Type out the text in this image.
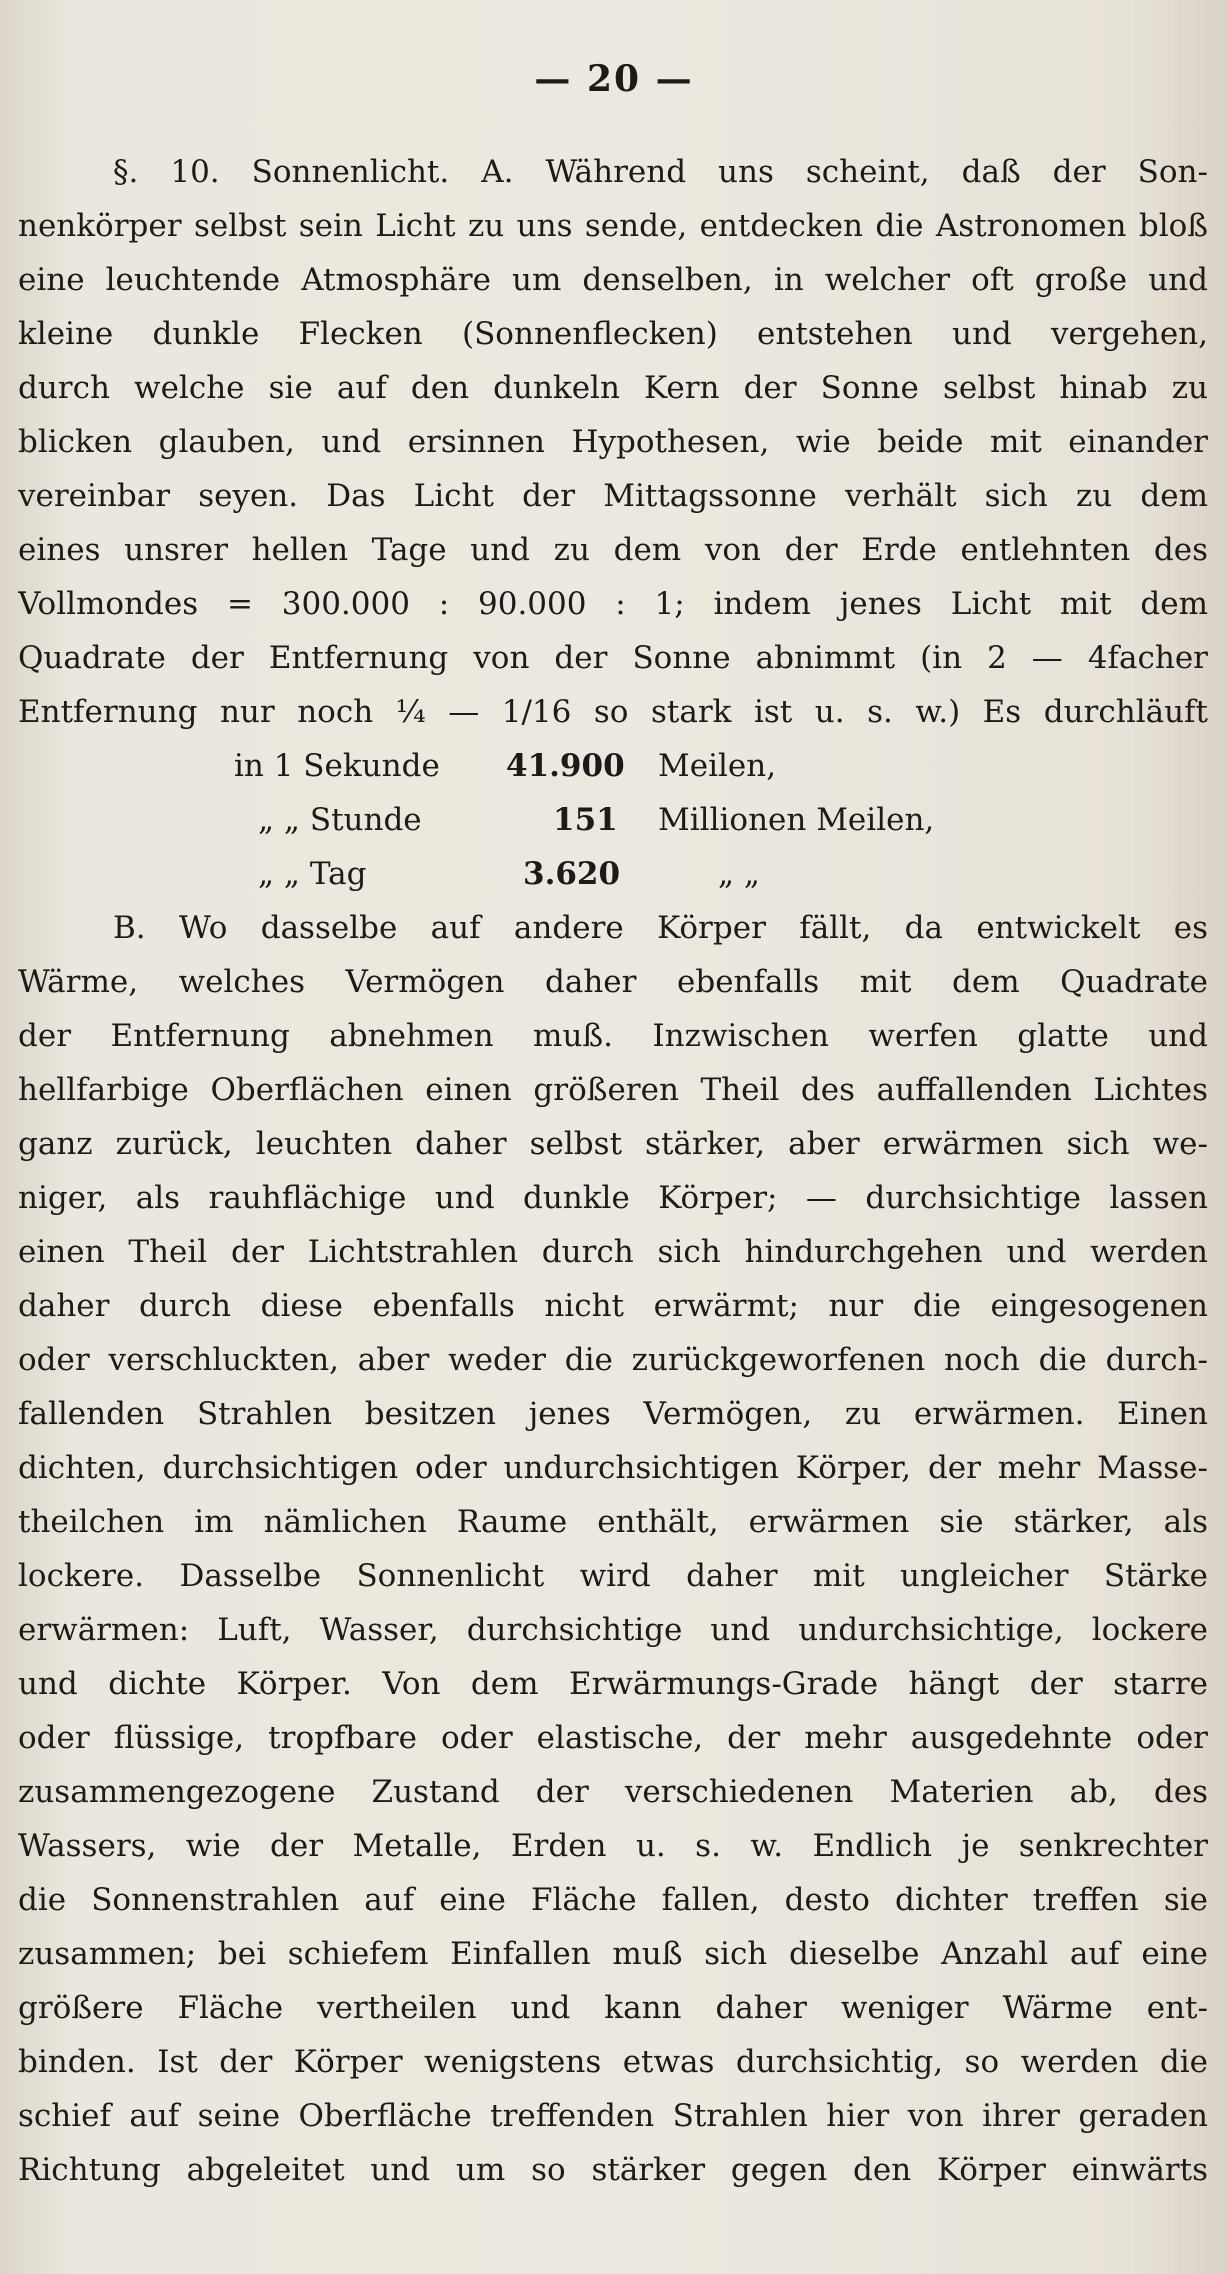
— 20 —
§. 10. Sonnenlicht. A. Während uns scheint, daß der Son-
nenkörper selbst sein Licht zu uns sende, entdecken die Astronomen bloß
eine leuchtende Atmosphäre um denselben, in welcher oft große und
kleine dunkle Flecken (Sonnenflecken) entstehen und vergehen,
durch welche sie auf den dunkeln Kern der Sonne selbst hinab zu
blicken glauben, und ersinnen Hypothesen, wie beide mit einander
vereinbar seyen. Das Licht der Mittagssonne verhält sich zu dem
eines unsrer hellen Tage und zu dem von der Erde entlehnten des
Vollmondes = 300.000 : 90.000 : 1; indem jenes Licht mit dem
Quadrate der Entfernung von der Sonne abnimmt (in 2 — 4facher
Entfernung nur noch ¼ — 1/16 so stark ist u. s. w.) Es durchläuft
in 1 Sekunde 41.900 Meilen,
„ „ Stunde	151 Millionen Meilen,
„ „ Tag	3.620	„ „
B. Wo dasselbe auf andere Körper fällt, da entwickelt es
Wärme, welches Vermögen daher ebenfalls mit dem Quadrate
der Entfernung abnehmen muß. Inzwischen werfen glatte und
hellfarbige Oberflächen einen größeren Theil des auffallenden Lichtes
ganz zurück, leuchten daher selbst stärker, aber erwärmen sich we-
niger, als rauhflächige und dunkle Körper; — durchsichtige lassen
einen Theil der Lichtstrahlen durch sich hindurchgehen und werden
daher durch diese ebenfalls nicht erwärmt; nur die eingesogenen
oder verschluckten, aber weder die zurückgeworfenen noch die durch-
fallenden Strahlen besitzen jenes Vermögen, zu erwärmen. Einen
dichten, durchsichtigen oder undurchsichtigen Körper, der mehr Masse-
theilchen im nämlichen Raume enthält, erwärmen sie stärker, als
lockere. Dasselbe Sonnenlicht wird daher mit ungleicher Stärke
erwärmen: Luft, Wasser, durchsichtige und undurchsichtige, lockere
und dichte Körper. Von dem Erwärmungs-Grade hängt der starre
oder flüssige, tropfbare oder elastische, der mehr ausgedehnte oder
zusammengezogene Zustand der verschiedenen Materien ab, des
Wassers, wie der Metalle, Erden u. s. w. Endlich je senkrechter
die Sonnenstrahlen auf eine Fläche fallen, desto dichter treffen sie
zusammen; bei schiefem Einfallen muß sich dieselbe Anzahl auf eine
größere Fläche vertheilen und kann daher weniger Wärme ent-
binden. Ist der Körper wenigstens etwas durchsichtig, so werden die
schief auf seine Oberfläche treffenden Strahlen hier von ihrer geraden
Richtung abgeleitet und um so stärker gegen den Körper einwärts
